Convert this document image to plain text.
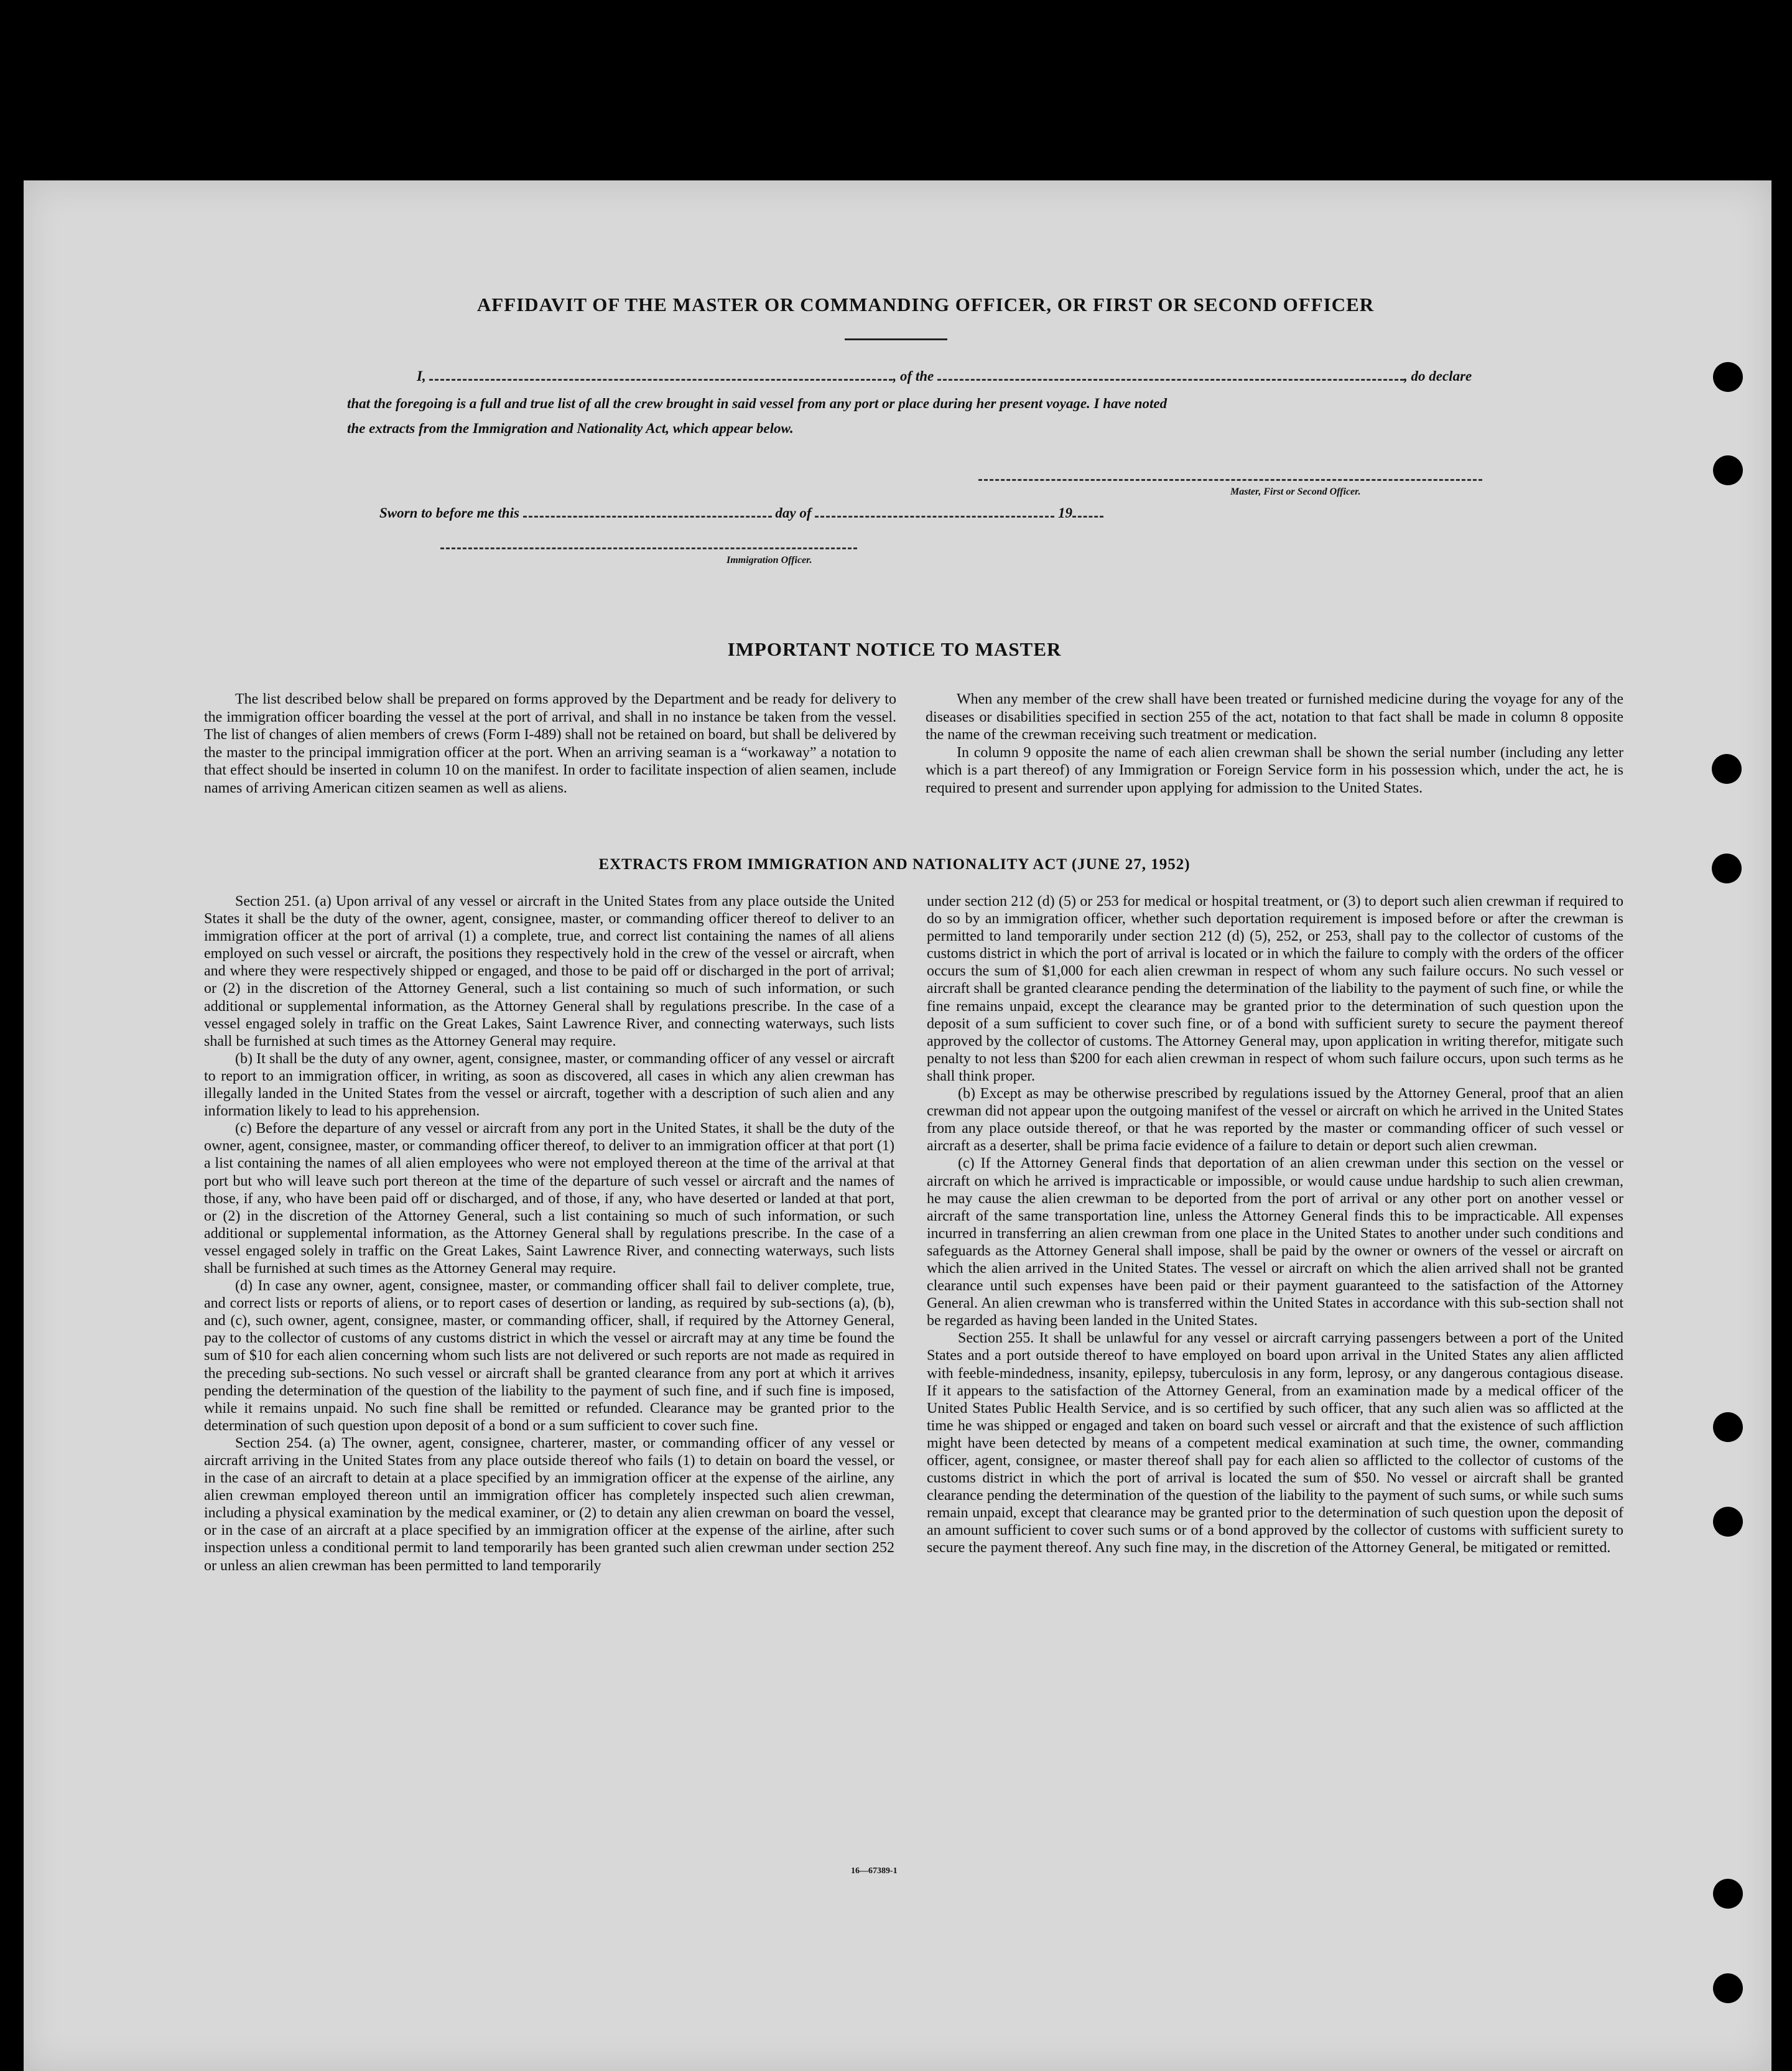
AFFIDAVIT OF THE MASTER OR COMMANDING OFFICER, OR FIRST OR SECOND OFFICER
I,	, of the	, do declare
that the foregoing is a full and true list of all the crew brought in said vessel from any port or place during her present voyage. I have noted
the extracts from the Immigration and Nationality Act, which appear below.
Master, First or Second Officer.
Sworn to before me this	day of	19
Immigration Officer.
IMPORTANT NOTICE TO MASTER

The list described below shall be prepared on forms approved by the Department and be ready for delivery to the immigration officer boarding the vessel at the port of arrival, and shall in no instance be taken from the vessel. The list of changes of alien members of crews (Form I-489) shall not be retained on board, but shall be delivered by the master to the principal immigration officer at the port. When an arriving seaman is a “workaway” a notation to that effect should be inserted in column 10 on the manifest. In order to facilitate inspection of alien seamen, include names of arriving American citizen seamen as well as aliens.

When any member of the crew shall have been treated or furnished medicine during the voyage for any of the diseases or disabilities specified in section 255 of the act, notation to that fact shall be made in column 8 opposite the name of the crewman receiving such treatment or medication.

In column 9 opposite the name of each alien crewman shall be shown the serial number (including any letter which is a part thereof) of any Immigration or Foreign Service form in his possession which, under the act, he is required to present and surrender upon applying for admission to the United States.

EXTRACTS FROM IMMIGRATION AND NATIONALITY ACT (JUNE 27, 1952)

Section 251. (a) Upon arrival of any vessel or aircraft in the United States from any place outside the United States it shall be the duty of the owner, agent, consignee, master, or commanding officer thereof to deliver to an immigration officer at the port of arrival (1) a complete, true, and correct list containing the names of all aliens employed on such vessel or aircraft, the positions they respectively hold in the crew of the vessel or aircraft, when and where they were respectively shipped or engaged, and those to be paid off or discharged in the port of arrival; or (2) in the discretion of the Attorney General, such a list containing so much of such information, or such additional or supplemental information, as the Attorney General shall by regulations prescribe. In the case of a vessel engaged solely in traffic on the Great Lakes, Saint Lawrence River, and connecting waterways, such lists shall be furnished at such times as the Attorney General may require.

(b) It shall be the duty of any owner, agent, consignee, master, or commanding officer of any vessel or aircraft to report to an immigration officer, in writing, as soon as discovered, all cases in which any alien crewman has illegally landed in the United States from the vessel or aircraft, together with a description of such alien and any information likely to lead to his apprehension.

(c) Before the departure of any vessel or aircraft from any port in the United States, it shall be the duty of the owner, agent, consignee, master, or commanding officer thereof, to deliver to an immigration officer at that port (1) a list containing the names of all alien employees who were not employed thereon at the time of the arrival at that port but who will leave such port thereon at the time of the departure of such vessel or aircraft and the names of those, if any, who have been paid off or discharged, and of those, if any, who have deserted or landed at that port, or (2) in the discretion of the Attorney General, such a list containing so much of such information, or such additional or supplemental information, as the Attorney General shall by regulations prescribe. In the case of a vessel engaged solely in traffic on the Great Lakes, Saint Lawrence River, and connecting waterways, such lists shall be furnished at such times as the Attorney General may require.

(d) In case any owner, agent, consignee, master, or commanding officer shall fail to deliver complete, true, and correct lists or reports of aliens, or to report cases of desertion or landing, as required by sub-sections (a), (b), and (c), such owner, agent, consignee, master, or commanding officer, shall, if required by the Attorney General, pay to the collector of customs of any customs district in which the vessel or aircraft may at any time be found the sum of $10 for each alien concerning whom such lists are not delivered or such reports are not made as required in the preceding sub-sections. No such vessel or aircraft shall be granted clearance from any port at which it arrives pending the determination of the question of the liability to the payment of such fine, and if such fine is imposed, while it remains unpaid. No such fine shall be remitted or refunded. Clearance may be granted prior to the determination of such question upon deposit of a bond or a sum sufficient to cover such fine.

Section 254. (a) The owner, agent, consignee, charterer, master, or commanding officer of any vessel or aircraft arriving in the United States from any place outside thereof who fails (1) to detain on board the vessel, or in the case of an aircraft to detain at a place specified by an immigration officer at the expense of the airline, any alien crewman employed thereon until an immigration officer has completely inspected such alien crewman, including a physical examination by the medical examiner, or (2) to detain any alien crewman on board the vessel, or in the case of an aircraft at a place specified by an immigration officer at the expense of the airline, after such inspection unless a conditional permit to land temporarily has been granted such alien crewman under section 252 or unless an alien crewman has been permitted to land temporarily

under section 212 (d) (5) or 253 for medical or hospital treatment, or (3) to deport such alien crewman if required to do so by an immigration officer, whether such deportation requirement is imposed before or after the crewman is permitted to land temporarily under section 212 (d) (5), 252, or 253, shall pay to the collector of customs of the customs district in which the port of arrival is located or in which the failure to comply with the orders of the officer occurs the sum of $1,000 for each alien crewman in respect of whom any such failure occurs. No such vessel or aircraft shall be granted clearance pending the determination of the liability to the payment of such fine, or while the fine remains unpaid, except the clearance may be granted prior to the determination of such question upon the deposit of a sum sufficient to cover such fine, or of a bond with sufficient surety to secure the payment thereof approved by the collector of customs. The Attorney General may, upon application in writing therefor, mitigate such penalty to not less than $200 for each alien crewman in respect of whom such failure occurs, upon such terms as he shall think proper.

(b) Except as may be otherwise prescribed by regulations issued by the Attorney General, proof that an alien crewman did not appear upon the outgoing manifest of the vessel or aircraft on which he arrived in the United States from any place outside thereof, or that he was reported by the master or commanding officer of such vessel or aircraft as a deserter, shall be prima facie evidence of a failure to detain or deport such alien crewman.

(c) If the Attorney General finds that deportation of an alien crewman under this section on the vessel or aircraft on which he arrived is impracticable or impossible, or would cause undue hardship to such alien crewman, he may cause the alien crewman to be deported from the port of arrival or any other port on another vessel or aircraft of the same transportation line, unless the Attorney General finds this to be impracticable. All expenses incurred in transferring an alien crewman from one place in the United States to another under such conditions and safeguards as the Attorney General shall impose, shall be paid by the owner or owners of the vessel or aircraft on which the alien arrived in the United States. The vessel or aircraft on which the alien arrived shall not be granted clearance until such expenses have been paid or their payment guaranteed to the satisfaction of the Attorney General. An alien crewman who is transferred within the United States in accordance with this sub-section shall not be regarded as having been landed in the United States.

Section 255. It shall be unlawful for any vessel or aircraft carrying passengers between a port of the United States and a port outside thereof to have employed on board upon arrival in the United States any alien afflicted with feeble-mindedness, insanity, epilepsy, tuberculosis in any form, leprosy, or any dangerous contagious disease. If it appears to the satisfaction of the Attorney General, from an examination made by a medical officer of the United States Public Health Service, and is so certified by such officer, that any such alien was so afflicted at the time he was shipped or engaged and taken on board such vessel or aircraft and that the existence of such affliction might have been detected by means of a competent medical examination at such time, the owner, commanding officer, agent, consignee, or master thereof shall pay for each alien so afflicted to the collector of customs of the customs district in which the port of arrival is located the sum of $50. No vessel or aircraft shall be granted clearance pending the determination of the question of the liability to the payment of such sums, or while such sums remain unpaid, except that clearance may be granted prior to the determination of such question upon the deposit of an amount sufficient to cover such sums or of a bond approved by the collector of customs with sufficient surety to secure the payment thereof. Any such fine may, in the discretion of the Attorney General, be mitigated or remitted.

16—67389-1
